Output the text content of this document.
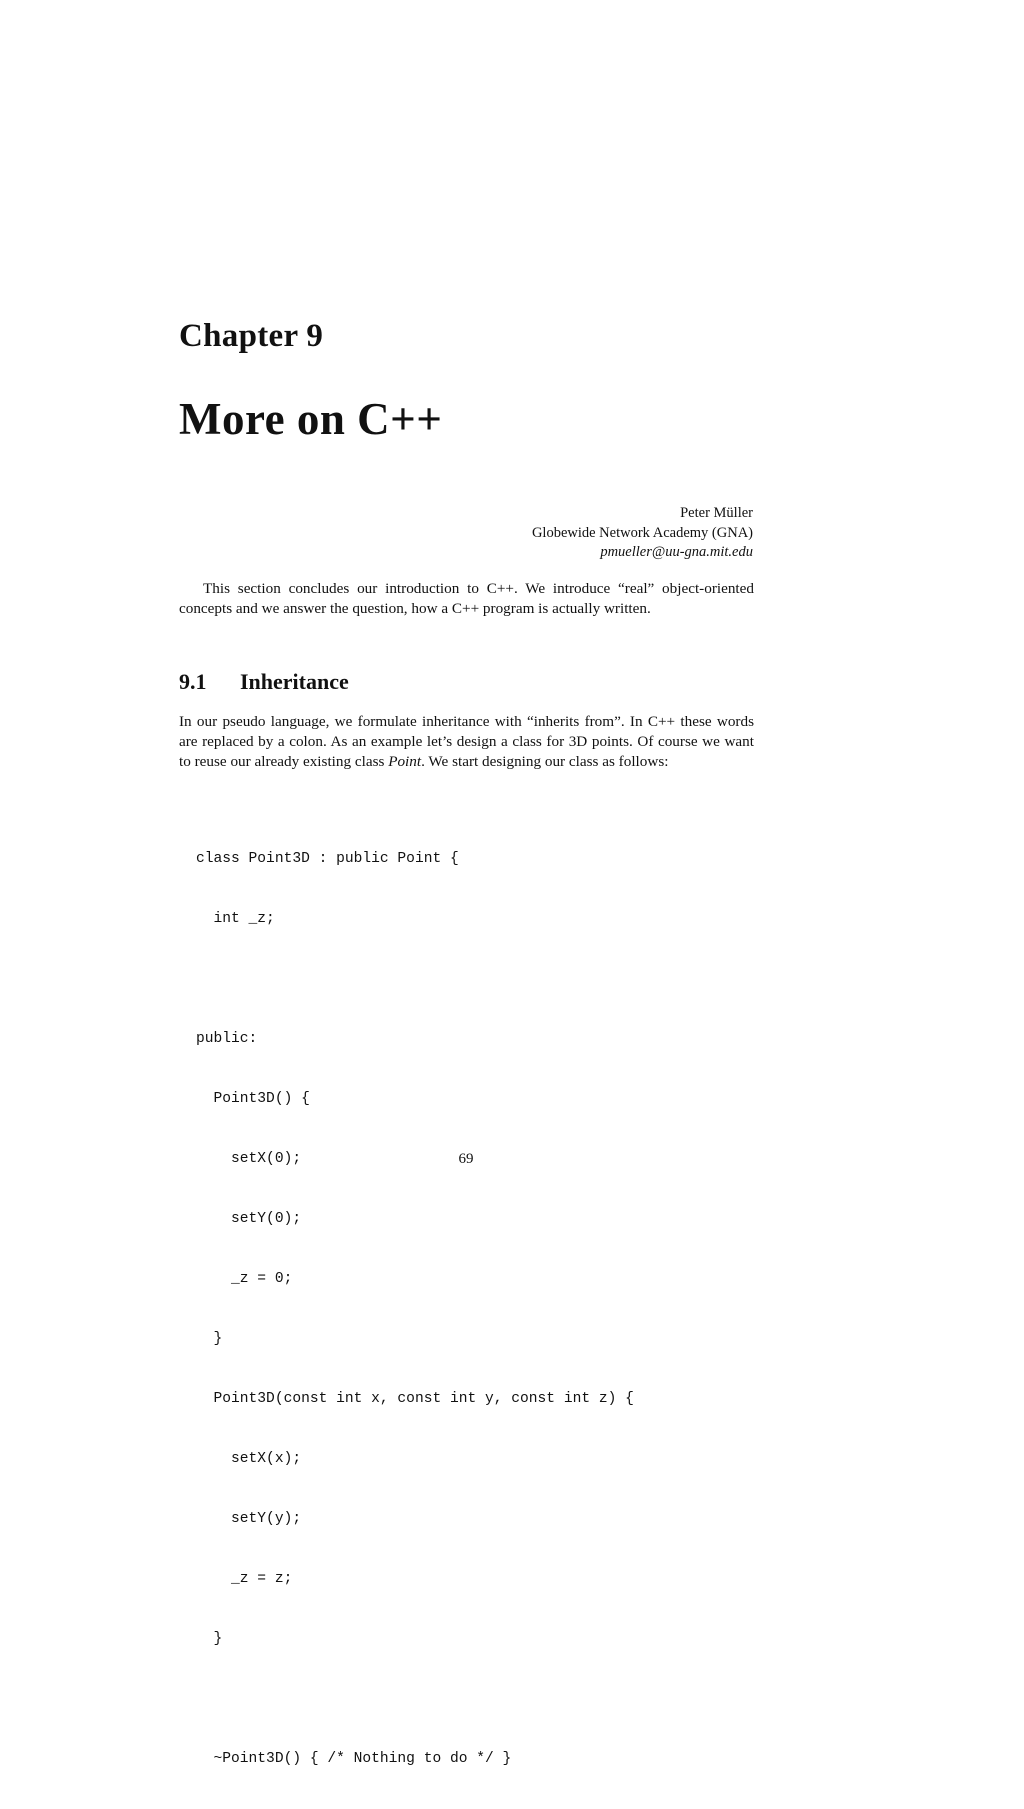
Chapter 9
More on C++
Peter Müller
Globewide Network Academy (GNA)
pmueller@uu-gna.mit.edu

This section concludes our introduction to C++. We introduce “real” object-oriented concepts and we answer the question, how a C++ program is actually written.

9.1 Inheritance

In our pseudo language, we formulate inheritance with “inherits from”. In C++ these words are replaced by a colon. As an example let’s design a class for 3D points. Of course we want to reuse our already existing class Point. We start designing our class as follows:

class Point3D : public Point {

int _z;

public:

Point3D() {

setX(0);

setY(0);

_z = 0;

}

Point3D(const int x, const int y, const int z) {

setX(x);

setY(y);

_z = z;

}

~Point3D() { /* Nothing to do */ }

69
